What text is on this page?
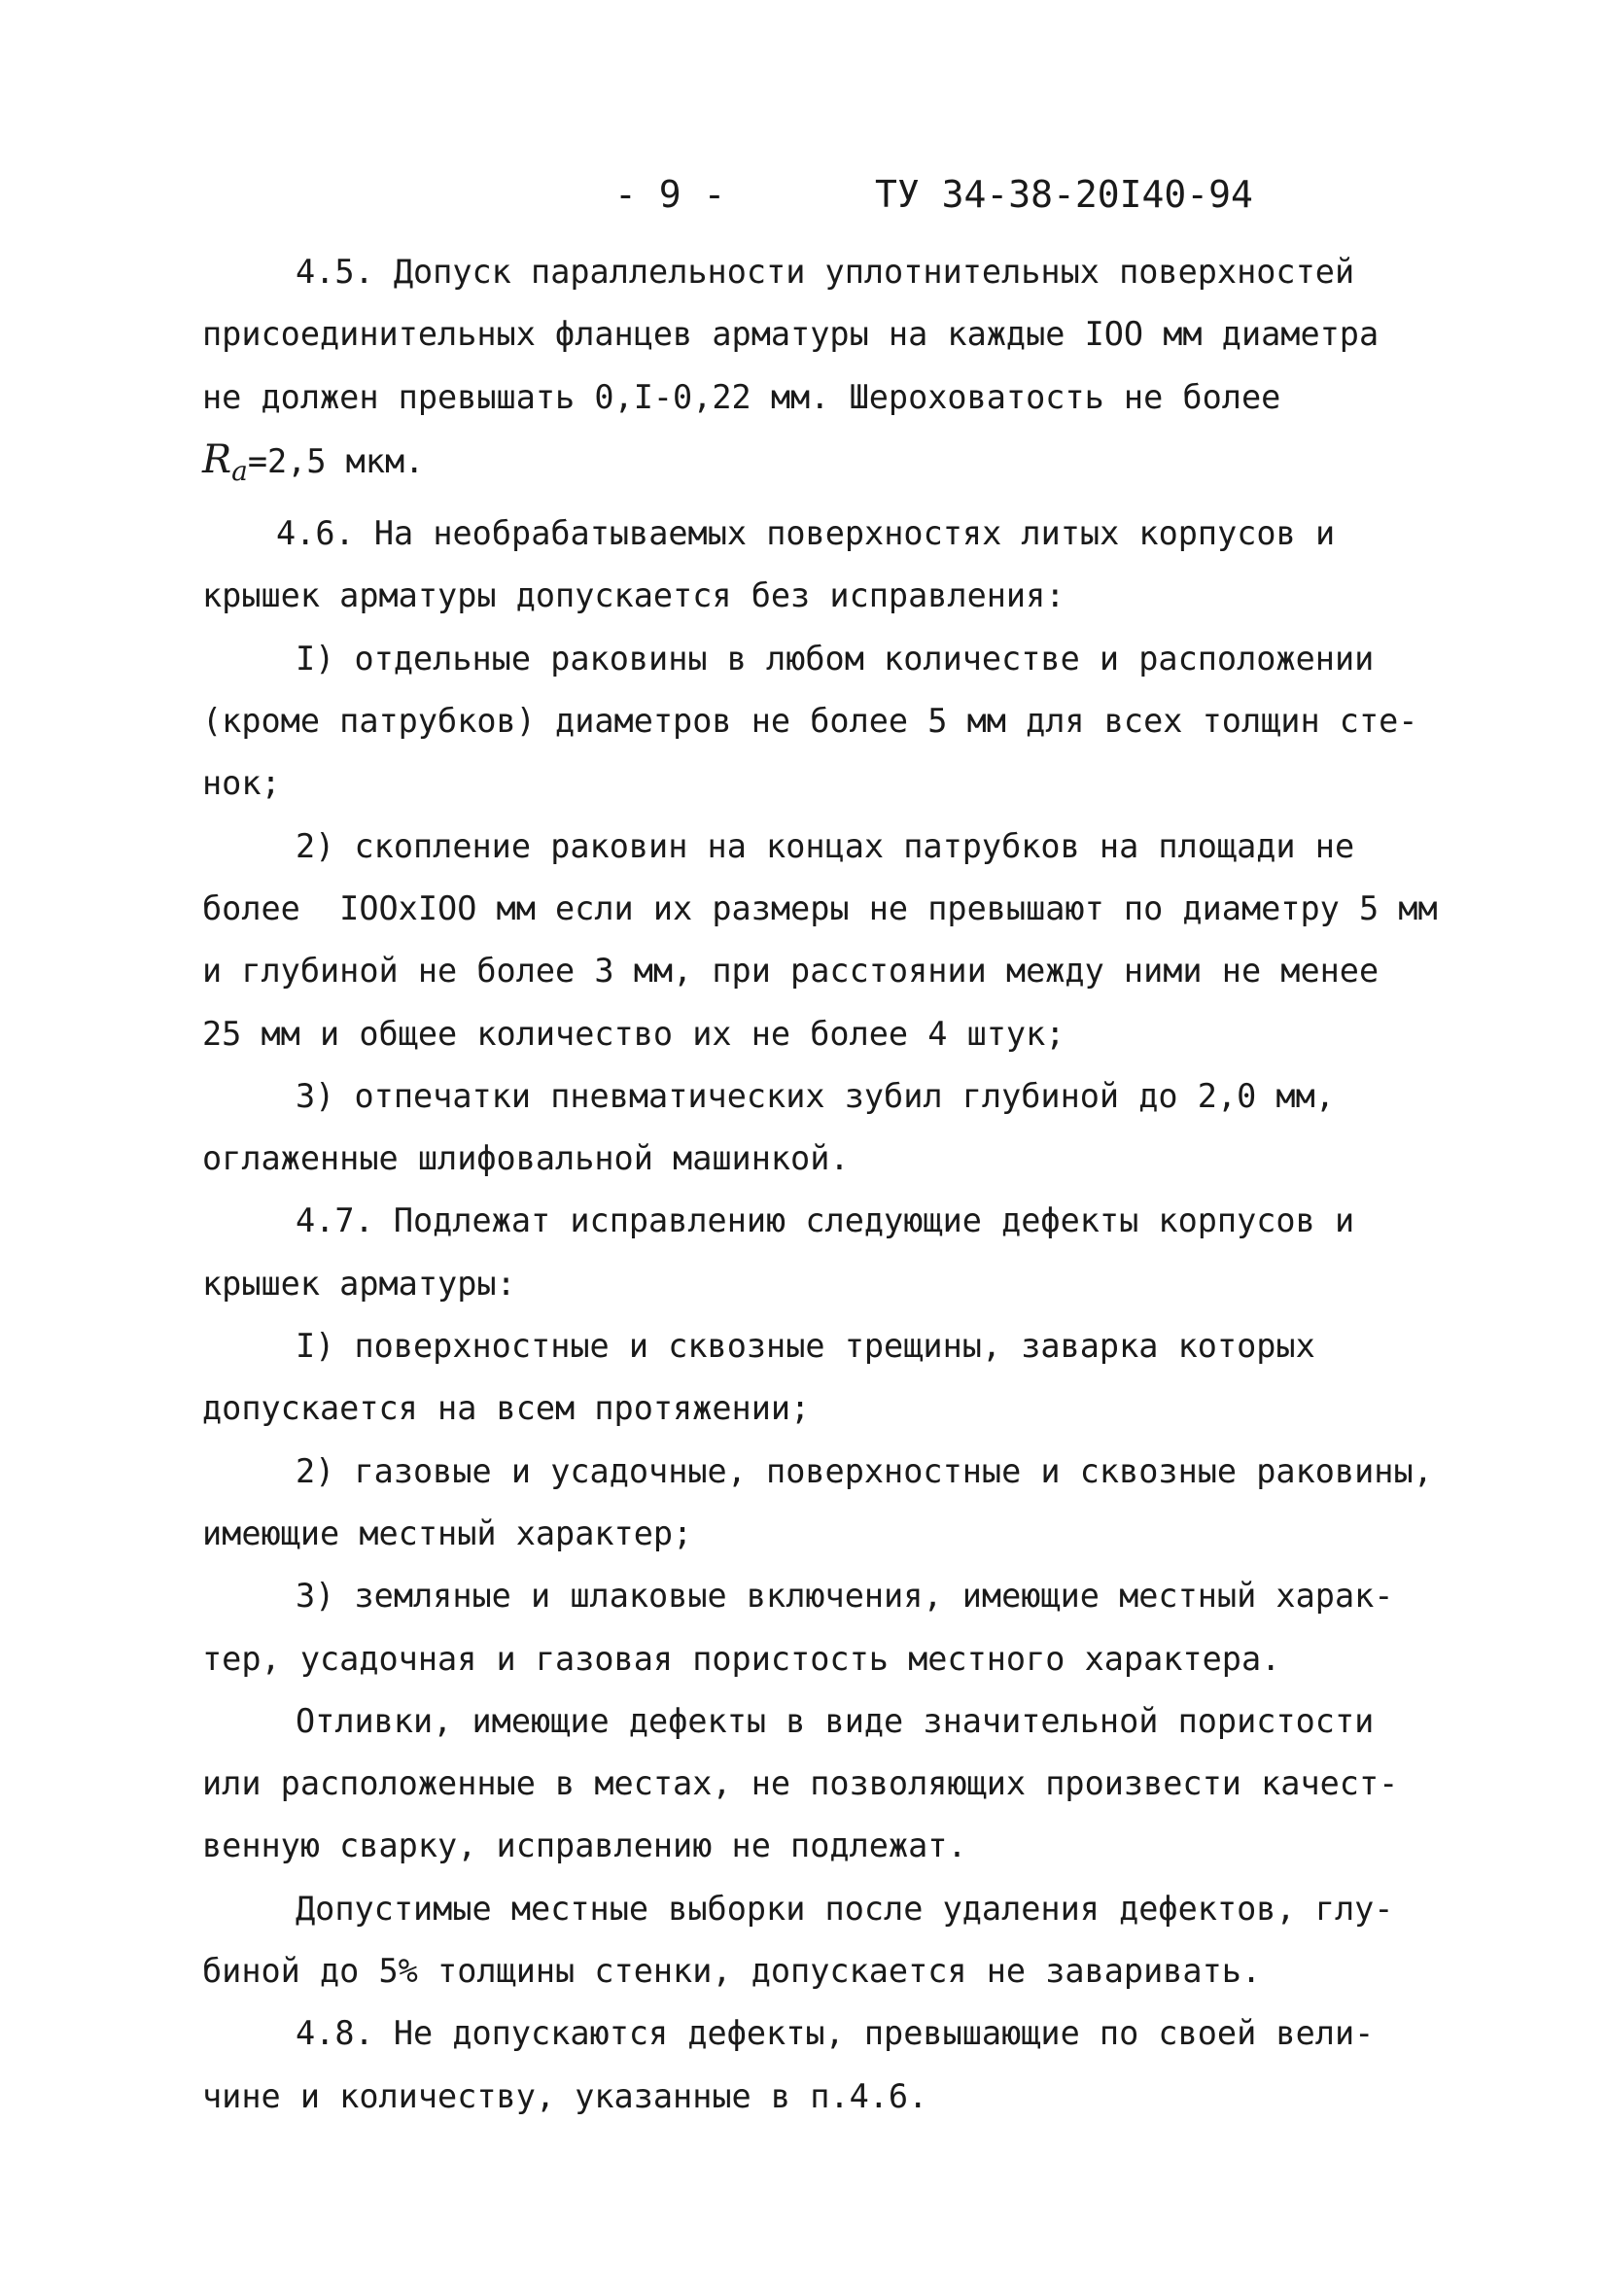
- 9 -	ТУ 34-38-20I40-94

4.5. Допуск параллельности уплотнительных поверхностей
присоединительных фланцев арматуры на каждые IOO мм диаметра
не должен превышать 0,I-0,22 мм. Шероховатость не более
$R_a=2,5$ мкм.

4.6. На необрабатываемых поверхностях литых корпусов и
крышек арматуры допускается без исправления:

I) отдельные раковины в любом количестве и расположении
(кроме патрубков) диаметров не более 5 мм для всех толщин сте-
нок;

2) скопление раковин на концах патрубков на площади не
более  IOOxIOO мм если их размеры не превышают по диаметру 5 мм
и глубиной не более 3 мм, при расстоянии между ними не менее
25 мм и общее количество их не более 4 штук;

3) отпечатки пневматических зубил глубиной до 2,0 мм,
оглаженные шлифовальной машинкой.

4.7. Подлежат исправлению следующие дефекты корпусов и
крышек арматуры:

I) поверхностные и сквозные трещины, заварка которых
допускается на всем протяжении;

2) газовые и усадочные, поверхностные и сквозные раковины,
имеющие местный характер;

3) земляные и шлаковые включения, имеющие местный харак-
тер, усадочная и газовая пористость местного характера.

Отливки, имеющие дефекты в виде значительной пористости
или расположенные в местах, не позволяющих произвести качест-
венную сварку, исправлению не подлежат.

Допустимые местные выборки после удаления дефектов, глу-
биной до 5% толщины стенки, допускается не заваривать.

4.8. Не допускаются дефекты, превышающие по своей вели-
чине и количеству, указанные в п.4.6.
